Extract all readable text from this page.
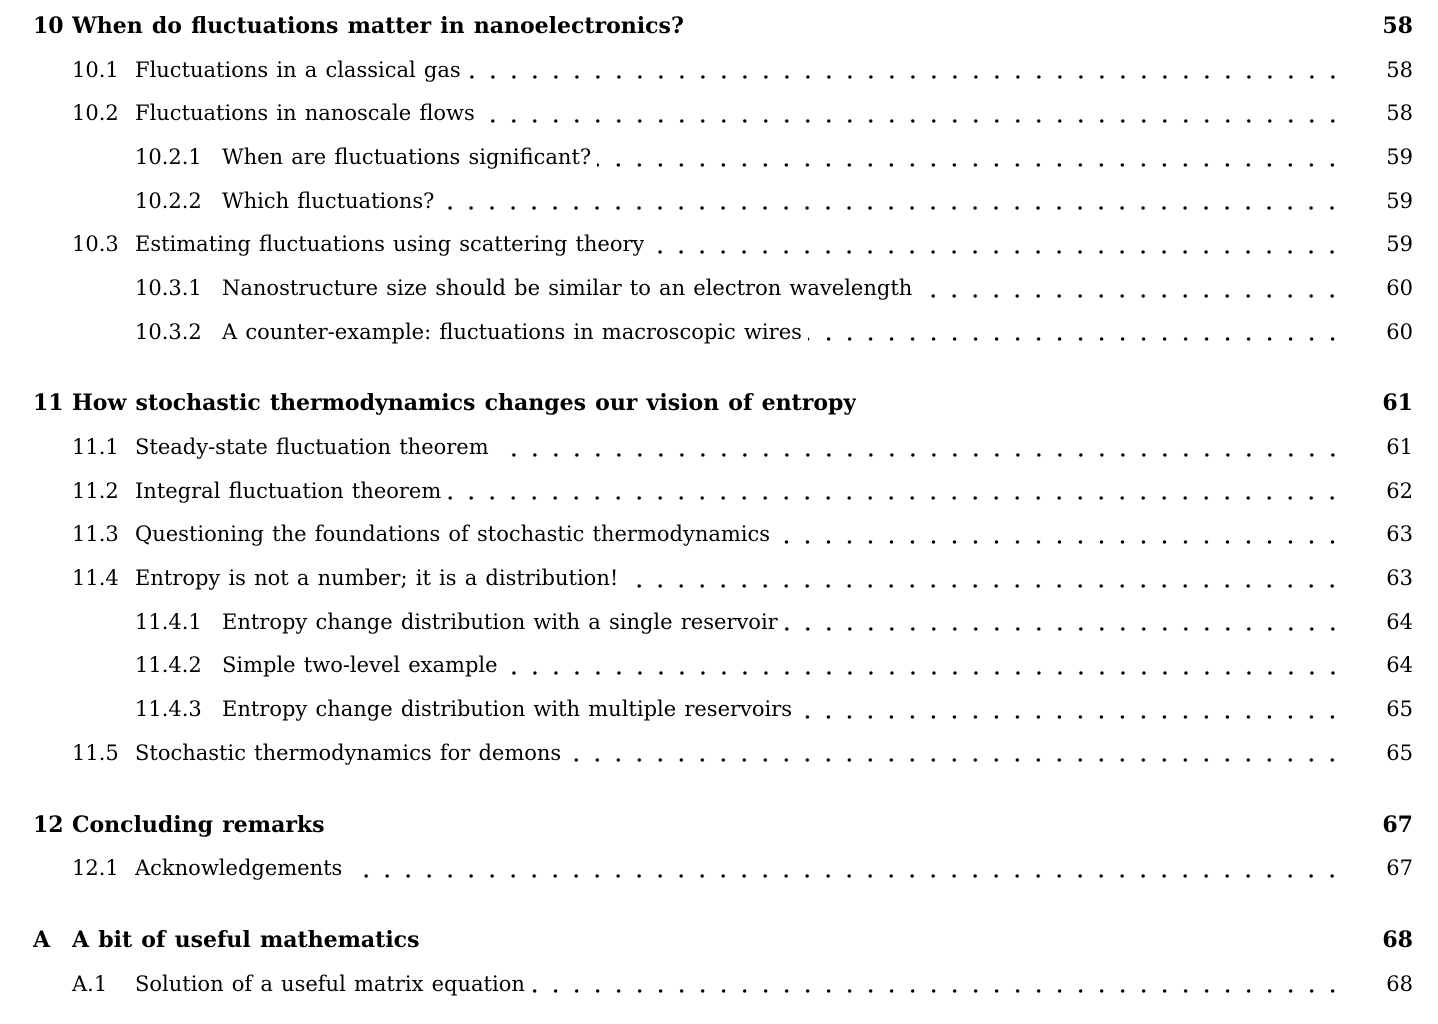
10 When do fluctuations matter in nanoelectronics?	58
10.1 Fluctuations in a classical gas	58
10.2 Fluctuations in nanoscale flows	58
10.2.1 When are fluctuations significant?	59
10.2.2 Which fluctuations?	59
10.3 Estimating fluctuations using scattering theory	59
10.3.1 Nanostructure size should be similar to an electron wavelength	60
10.3.2 A counter-example: fluctuations in macroscopic wires	60
11 How stochastic thermodynamics changes our vision of entropy	61
11.1 Steady-state fluctuation theorem	61
11.2 Integral fluctuation theorem	62
11.3 Questioning the foundations of stochastic thermodynamics	63
11.4 Entropy is not a number; it is a distribution!	63
11.4.1 Entropy change distribution with a single reservoir	64
11.4.2 Simple two-level example	64
11.4.3 Entropy change distribution with multiple reservoirs	65
11.5 Stochastic thermodynamics for demons	65
12 Concluding remarks	67
12.1 Acknowledgements	67
A A bit of useful mathematics	68
A.1	Solution of a useful matrix equation	68
